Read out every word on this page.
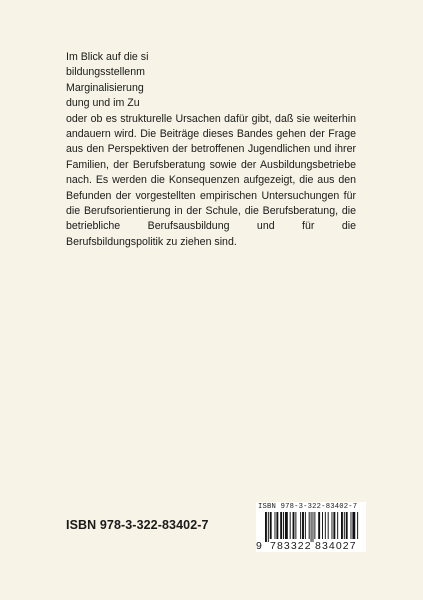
Im Blick auf die si
bildungsstellenm
Marginalisierung
dung und im Zu

oder ob es strukturelle Ursachen dafür gibt, daß sie weiterhin andauern wird. Die Beiträge dieses Bandes gehen der Frage aus den Perspektiven der betroffenen Jugendlichen und ihrer Familien, der Berufsberatung sowie der Ausbildungsbetriebe nach. Es werden die Konsequenzen aufgezeigt, die aus den Befunden der vorgestellten empirischen Untersuchungen für die Berufsorientierung in der Schule, die Berufsberatung, die betriebliche Berufsausbildung und für die Berufsbildungspolitik zu ziehen sind.

ISBN 978-3-322-83402-7
ISBN 978-3-322-83402-7
9 783322 834027
